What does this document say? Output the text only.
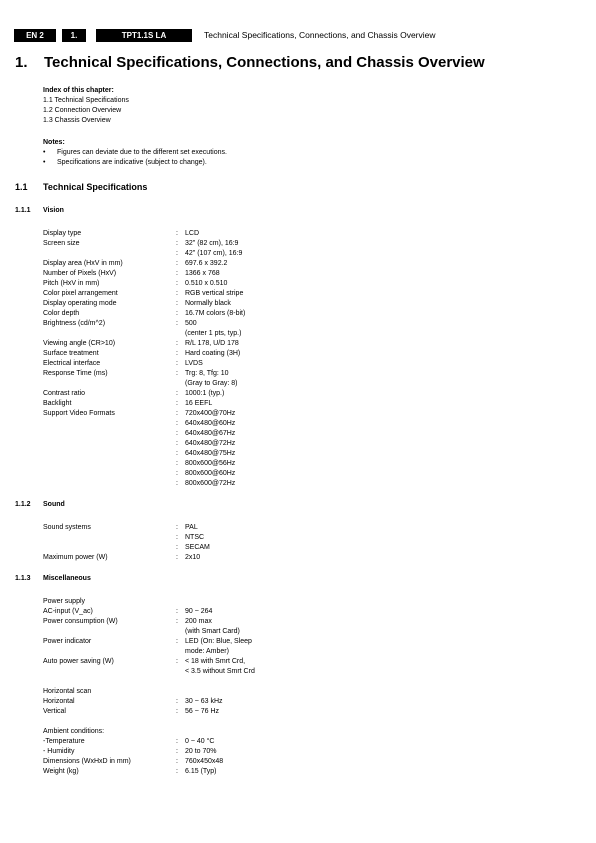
EN 2	1.	TPT1.1S LA	Technical Specifications, Connections, and Chassis Overview
1. Technical Specifications, Connections, and Chassis Overview
Index of this chapter:
1.1 Technical Specifications
1.2 Connection Overview
1.3 Chassis Overview
Notes:
• Figures can deviate due to the different set executions.
• Specifications are indicative (subject to change).
1.1 Technical Specifications
1.1.1 Vision
Display type	: LCD
Screen size	: 32" (82 cm), 16:9
: 42" (107 cm), 16:9
Display area (HxV in mm)	: 697.6 x 392.2
Number of Pixels (HxV)	: 1366 x 768
Pitch (HxV in mm)	: 0.510 x 0.510
Color pixel arrangement	: RGB vertical stripe
Display operating mode	: Normally black
Color depth	: 16.7M colors (8-bit)
Brightness (cd/m^2)	: 500
(center 1 pts, typ.)
Viewing angle (CR>10)	: R/L 178, U/D 178
Surface treatment	: Hard coating (3H)
Electrical interface	: LVDS
Response Time (ms)	: Trg: 8, Tfg: 10
(Gray to Gray: 8)
Contrast ratio	: 1000:1 (typ.)
Backlight	: 16 EEFL
Support Video Formats	: 720x400@70Hz
: 640x480@60Hz
: 640x480@67Hz
: 640x480@72Hz
: 640x480@75Hz
: 800x600@56Hz
: 800x600@60Hz
: 800x600@72Hz
1.1.2 Sound
Sound systems	: PAL
: NTSC
: SECAM
Maximum power (W)	: 2x10
1.1.3 Miscellaneous
Power supply
AC-input (V_ac)	: 90 ~ 264
Power consumption (W)	: 200 max
(with Smart Card)
Power indicator	: LED (On: Blue, Sleep
mode: Amber)
Auto power saving (W)	: < 18 with Smrt Crd,
< 3.5 without Smrt Crd
Horizontal scan
Horizontal	: 30 ~ 63 kHz
Vertical	: 56 ~ 76 Hz
Ambient conditions:
-Temperature	: 0 ~ 40 °C
- Humidity	: 20 to 70%
Dimensions (WxHxD in mm)	: 760x450x48
Weight (kg)	: 6.15 (Typ)
